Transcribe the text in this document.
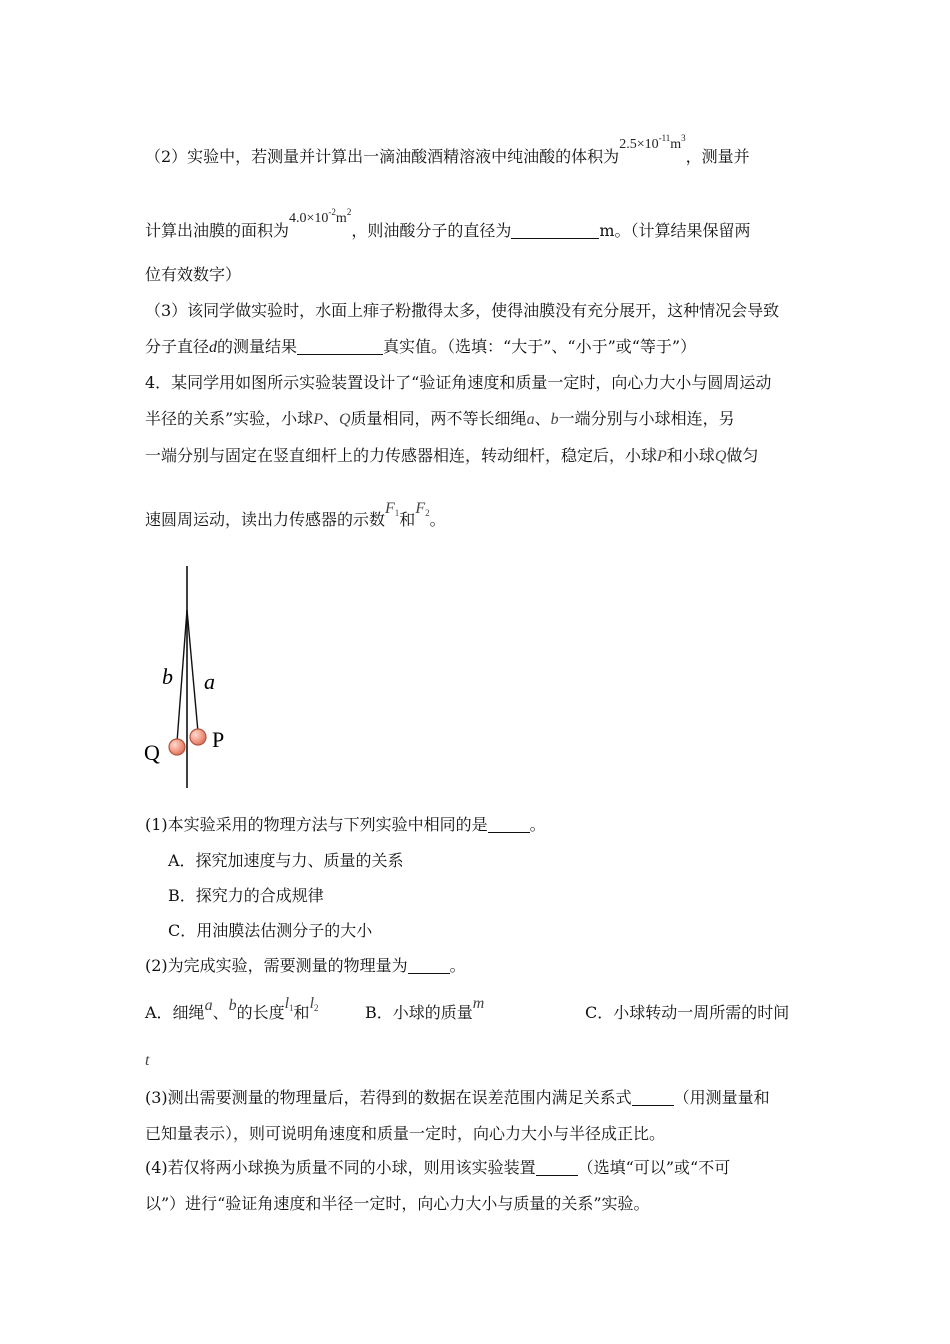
（2）实验中，若测量并计算出一滴油酸酒精溶液中纯油酸的体积为$2.5\times 10^{-11}m^3$，测量并
计算出油膜的面积为$4.0\times 10^{-2}m^2$，则油酸分子的直径为	m。（计算结果保留两
位有效数字）
（3）该同学做实验时，水面上痱子粉撒得太多，使得油膜没有充分展开，这种情况会导致
分子直径d的测量结果	真实值。（选填：“大于”、“小于”或“等于”）
4．某同学用如图所示实验装置设计了“验证角速度和质量一定时，向心力大小与圆周运动
半径的关系”实验，小球P、Q质量相同，两不等长细绳a、b一端分别与小球相连，另
一端分别与固定在竖直细杆上的力传感器相连，转动细杆，稳定后，小球P和小球Q做匀
速圆周运动，读出力传感器的示数$F_1$和$F_2$。
b a
Q
P
(1)本实验采用的物理方法与下列实验中相同的是	。
A．探究加速度与力、质量的关系
B．探究力的合成规律
C．用油膜法估测分子的大小
(2)为完成实验，需要测量的物理量为	。
A．细绳a、b的长度$l_1$和$l_2$	B．小球的质量m	C．小球转动一周所需的时间
t
(3)测出需要测量的物理量后，若得到的数据在误差范围内满足关系式	（用测量量和
已知量表示），则可说明角速度和质量一定时，向心力大小与半径成正比。
(4)若仅将两小球换为质量不同的小球，则用该实验装置	（选填“可以”或“不可
以”）进行“验证角速度和半径一定时，向心力大小与质量的关系”实验。
